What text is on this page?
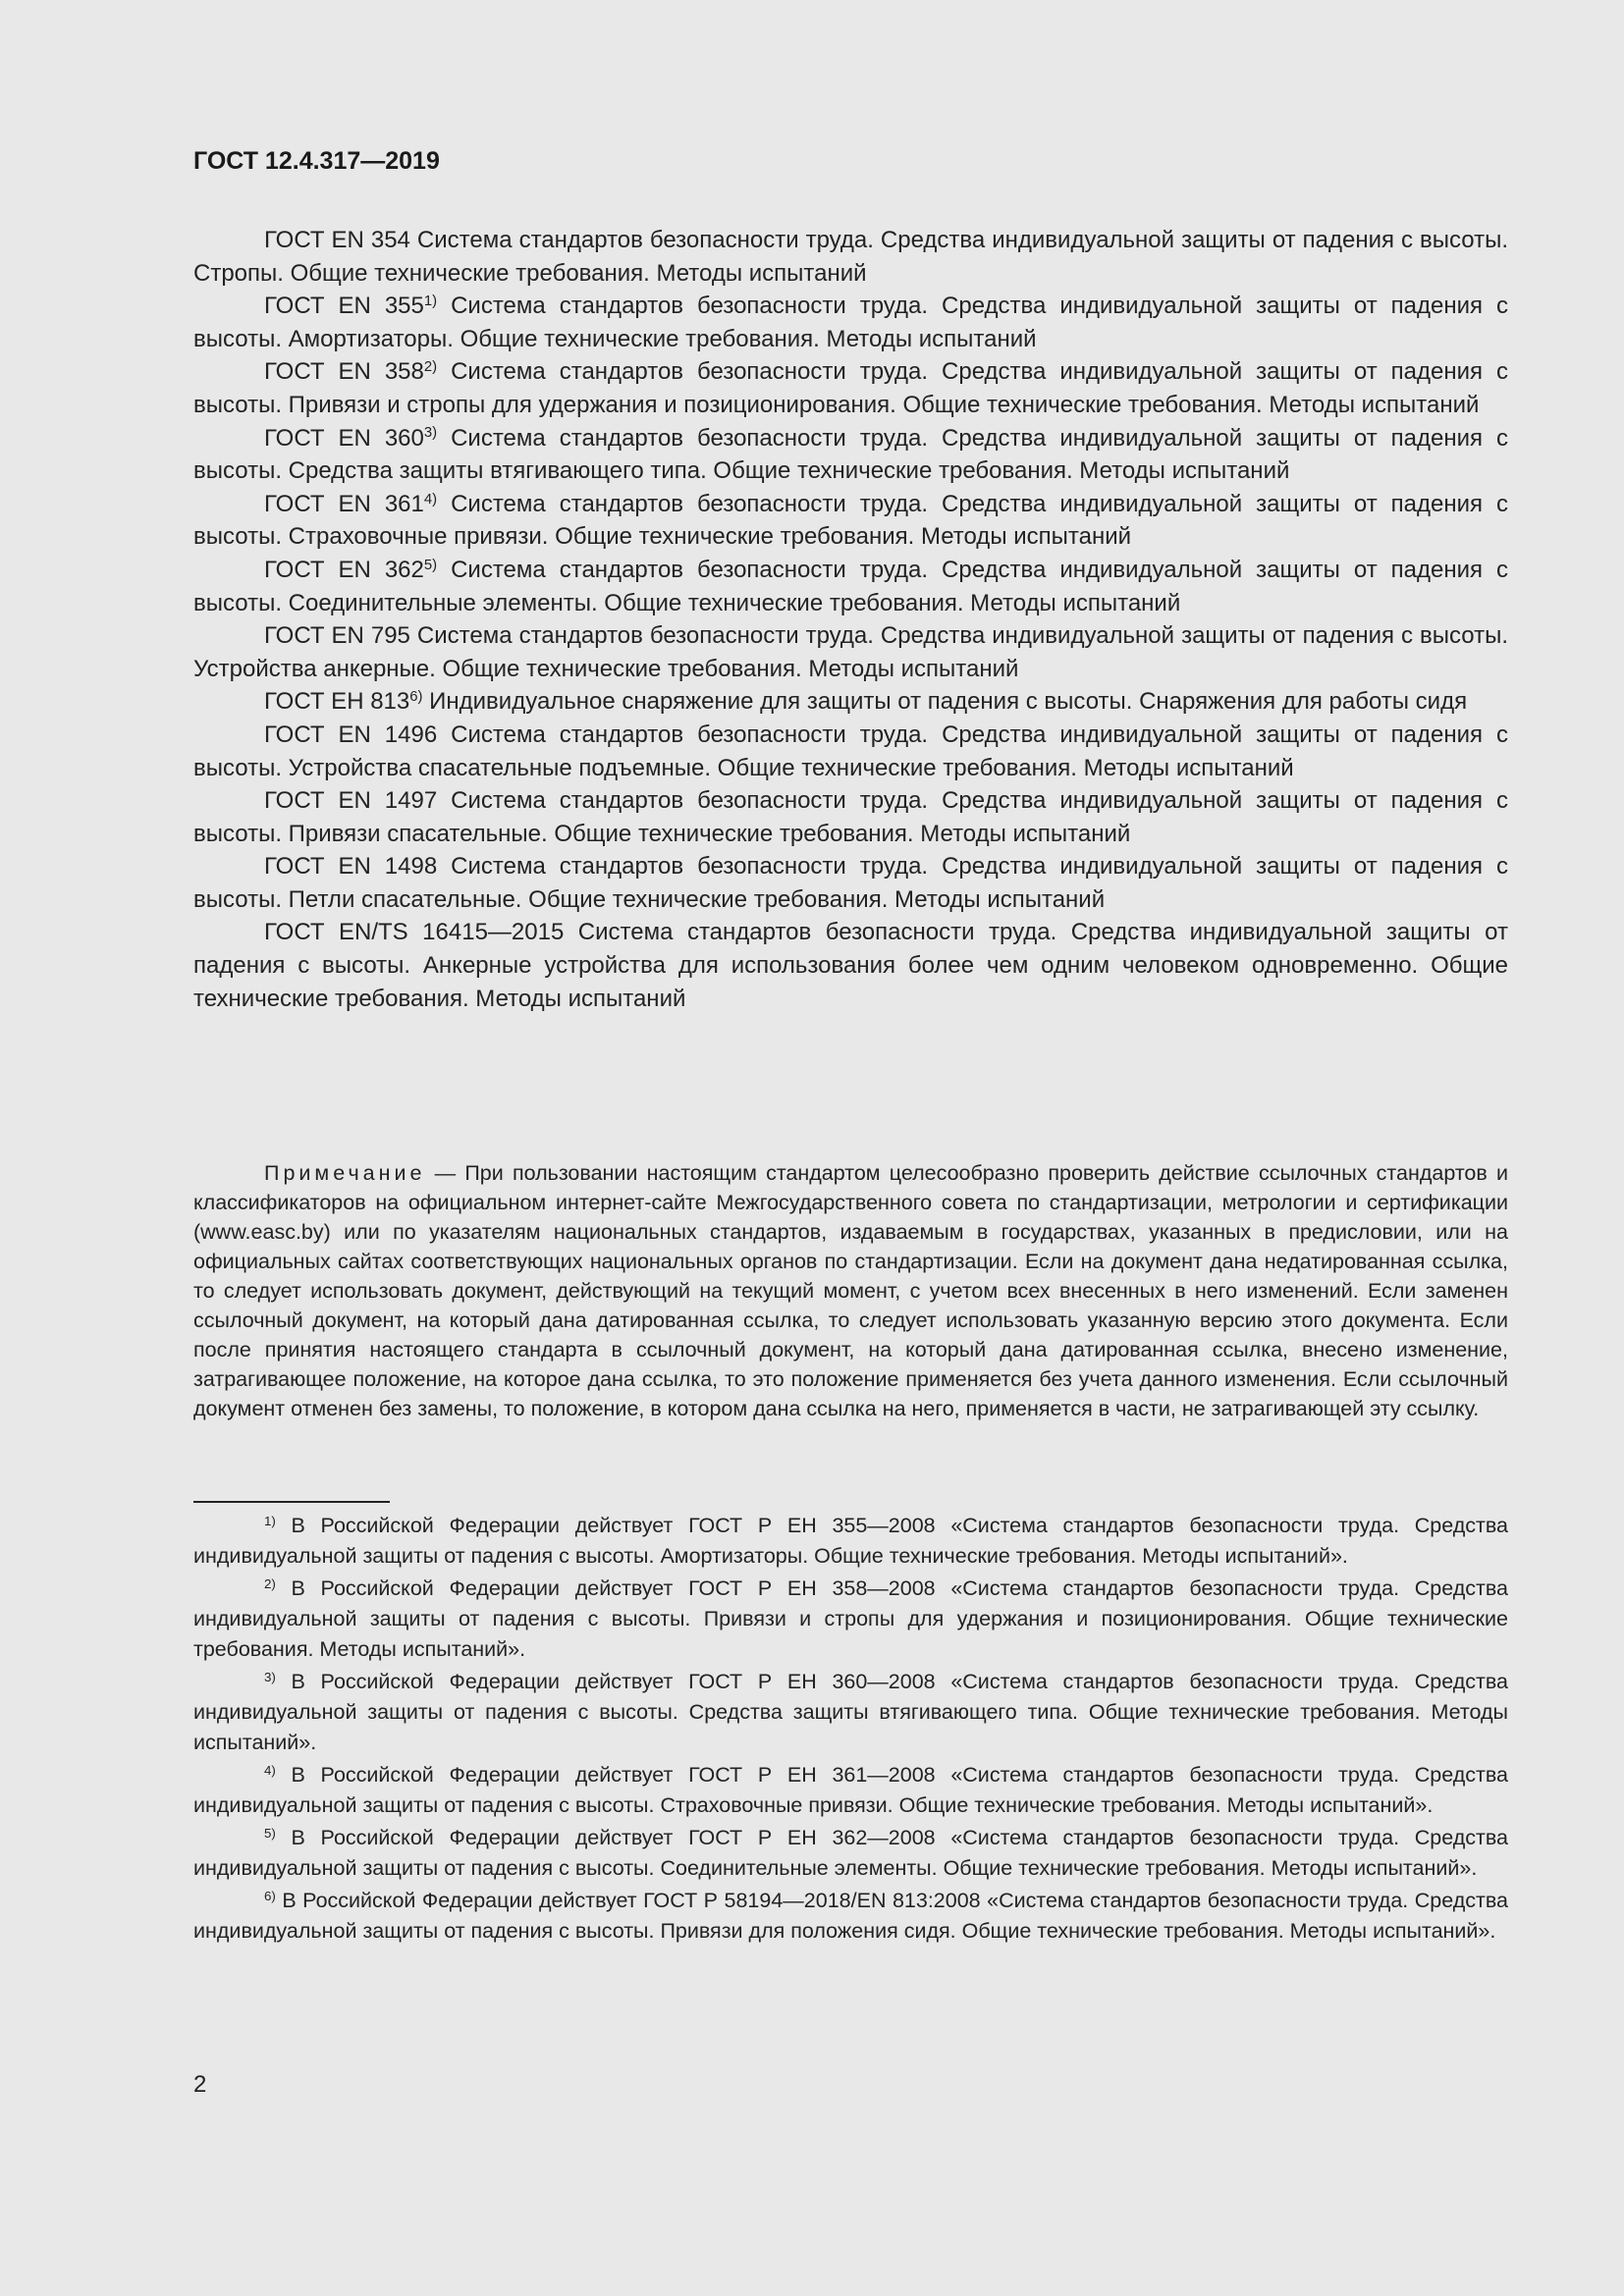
ГОСТ 12.4.317—2019

ГОСТ EN 354 Система стандартов безопасности труда. Средства индивидуальной защиты от падения с высоты. Стропы. Общие технические требования. Методы испытаний

ГОСТ EN 355$^{1)}$ Система стандартов безопасности труда. Средства индивидуальной защиты от падения с высоты. Амортизаторы. Общие технические требования. Методы испытаний

ГОСТ EN 358$^{2)}$ Система стандартов безопасности труда. Средства индивидуальной защиты от падения с высоты. Привязи и стропы для удержания и позиционирования. Общие технические требования. Методы испытаний

ГОСТ EN 360$^{3)}$ Система стандартов безопасности труда. Средства индивидуальной защиты от падения с высоты. Средства защиты втягивающего типа. Общие технические требования. Методы испытаний

ГОСТ EN 361$^{4)}$ Система стандартов безопасности труда. Средства индивидуальной защиты от падения с высоты. Страховочные привязи. Общие технические требования. Методы испытаний

ГОСТ EN 362$^{5)}$ Система стандартов безопасности труда. Средства индивидуальной защиты от падения с высоты. Соединительные элементы. Общие технические требования. Методы испытаний

ГОСТ EN 795 Система стандартов безопасности труда. Средства индивидуальной защиты от падения с высоты. Устройства анкерные. Общие технические требования. Методы испытаний

ГОСТ ЕН 813$^{6)}$ Индивидуальное снаряжение для защиты от падения с высоты. Снаряжения для работы сидя

ГОСТ EN 1496 Система стандартов безопасности труда. Средства индивидуальной защиты от падения с высоты. Устройства спасательные подъемные. Общие технические требования. Методы испытаний

ГОСТ EN 1497 Система стандартов безопасности труда. Средства индивидуальной защиты от падения с высоты. Привязи спасательные. Общие технические требования. Методы испытаний

ГОСТ EN 1498 Система стандартов безопасности труда. Средства индивидуальной защиты от падения с высоты. Петли спасательные. Общие технические требования. Методы испытаний

ГОСТ EN/TS 16415—2015 Система стандартов безопасности труда. Средства индивидуальной защиты от падения с высоты. Анкерные устройства для использования более чем одним человеком одновременно. Общие технические требования. Методы испытаний

Примечание — При пользовании настоящим стандартом целесообразно проверить действие ссылочных стандартов и классификаторов на официальном интернет-сайте Межгосударственного совета по стандартизации, метрологии и сертификации (www.easc.by) или по указателям национальных стандартов, издаваемым в государствах, указанных в предисловии, или на официальных сайтах соответствующих национальных органов по стандартизации. Если на документ дана недатированная ссылка, то следует использовать документ, действующий на текущий момент, с учетом всех внесенных в него изменений. Если заменен ссылочный документ, на который дана датированная ссылка, то следует использовать указанную версию этого документа. Если после принятия настоящего стандарта в ссылочный документ, на который дана датированная ссылка, внесено изменение, затрагивающее положение, на которое дана ссылка, то это положение применяется без учета данного изменения. Если ссылочный документ отменен без замены, то положение, в котором дана ссылка на него, применяется в части, не затрагивающей эту ссылку.

$^{1)}$ В Российской Федерации действует ГОСТ Р ЕН 355—2008 «Система стандартов безопасности труда. Средства индивидуальной защиты от падения с высоты. Амортизаторы. Общие технические требования. Методы испытаний».

$^{2)}$ В Российской Федерации действует ГОСТ Р ЕН 358—2008 «Система стандартов безопасности труда. Средства индивидуальной защиты от падения с высоты. Привязи и стропы для удержания и позиционирования. Общие технические требования. Методы испытаний».

$^{3)}$ В Российской Федерации действует ГОСТ Р ЕН 360—2008 «Система стандартов безопасности труда. Средства индивидуальной защиты от падения с высоты. Средства защиты втягивающего типа. Общие технические требования. Методы испытаний».

$^{4)}$ В Российской Федерации действует ГОСТ Р ЕН 361—2008 «Система стандартов безопасности труда. Средства индивидуальной защиты от падения с высоты. Страховочные привязи. Общие технические требования. Методы испытаний».

$^{5)}$ В Российской Федерации действует ГОСТ Р ЕН 362—2008 «Система стандартов безопасности труда. Средства индивидуальной защиты от падения с высоты. Соединительные элементы. Общие технические требования. Методы испытаний».

$^{6)}$ В Российской Федерации действует ГОСТ Р 58194—2018/EN 813:2008 «Система стандартов безопасности труда. Средства индивидуальной защиты от падения с высоты. Привязи для положения сидя. Общие технические требования. Методы испытаний».

2
